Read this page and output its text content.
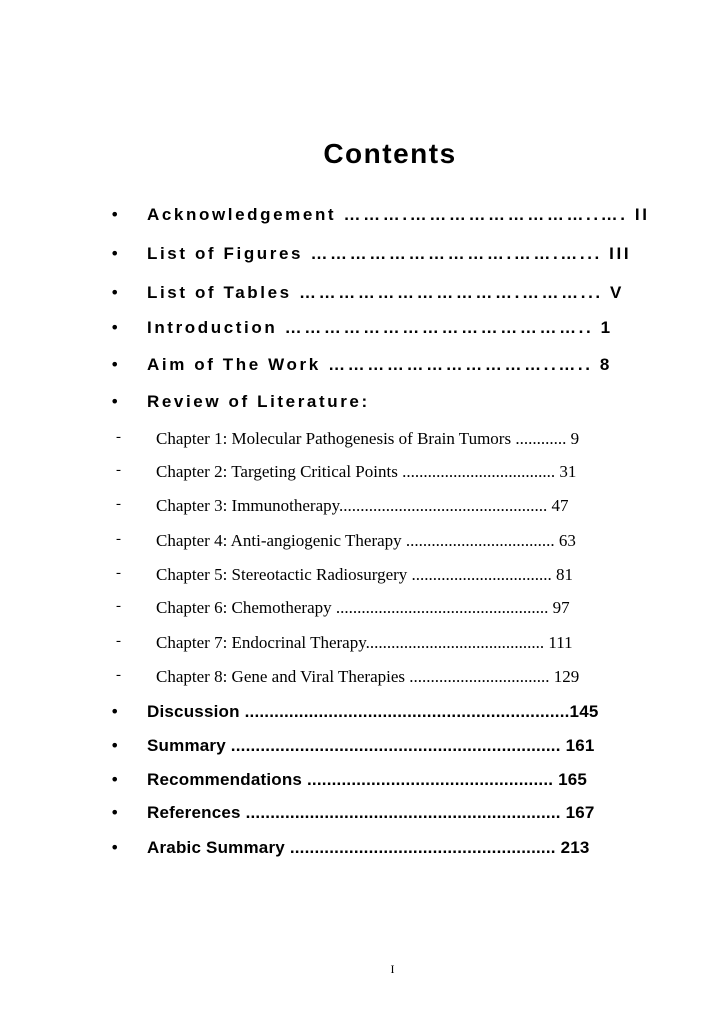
Contents
•	Acknowledgement ……….………………………..…. II
•	List of Figures ………………………….…….…... III
•	List of Tables …………………………….………... V
•	Introduction ……………………………………….. 1
•	Aim of The Work ……………………………..….. 8
•	Review of Literature:
-	Chapter 1: Molecular Pathogenesis of Brain Tumors ............ 9
-	Chapter 2: Targeting Critical Points .................................... 31
-	Chapter 3: Immunotherapy................................................. 47
-	Chapter 4: Anti-angiogenic Therapy ................................... 63
-	Chapter 5: Stereotactic Radiosurgery ................................. 81
-	Chapter 6: Chemotherapy .................................................. 97
-	Chapter 7: Endocrinal Therapy.......................................... 111
-	Chapter 8: Gene and Viral Therapies ................................. 129
•	Discussion ..................................................................145
•	Summary ................................................................... 161
•	Recommendations .................................................. 165
•	References ................................................................ 167
•	Arabic Summary ...................................................... 213
I
